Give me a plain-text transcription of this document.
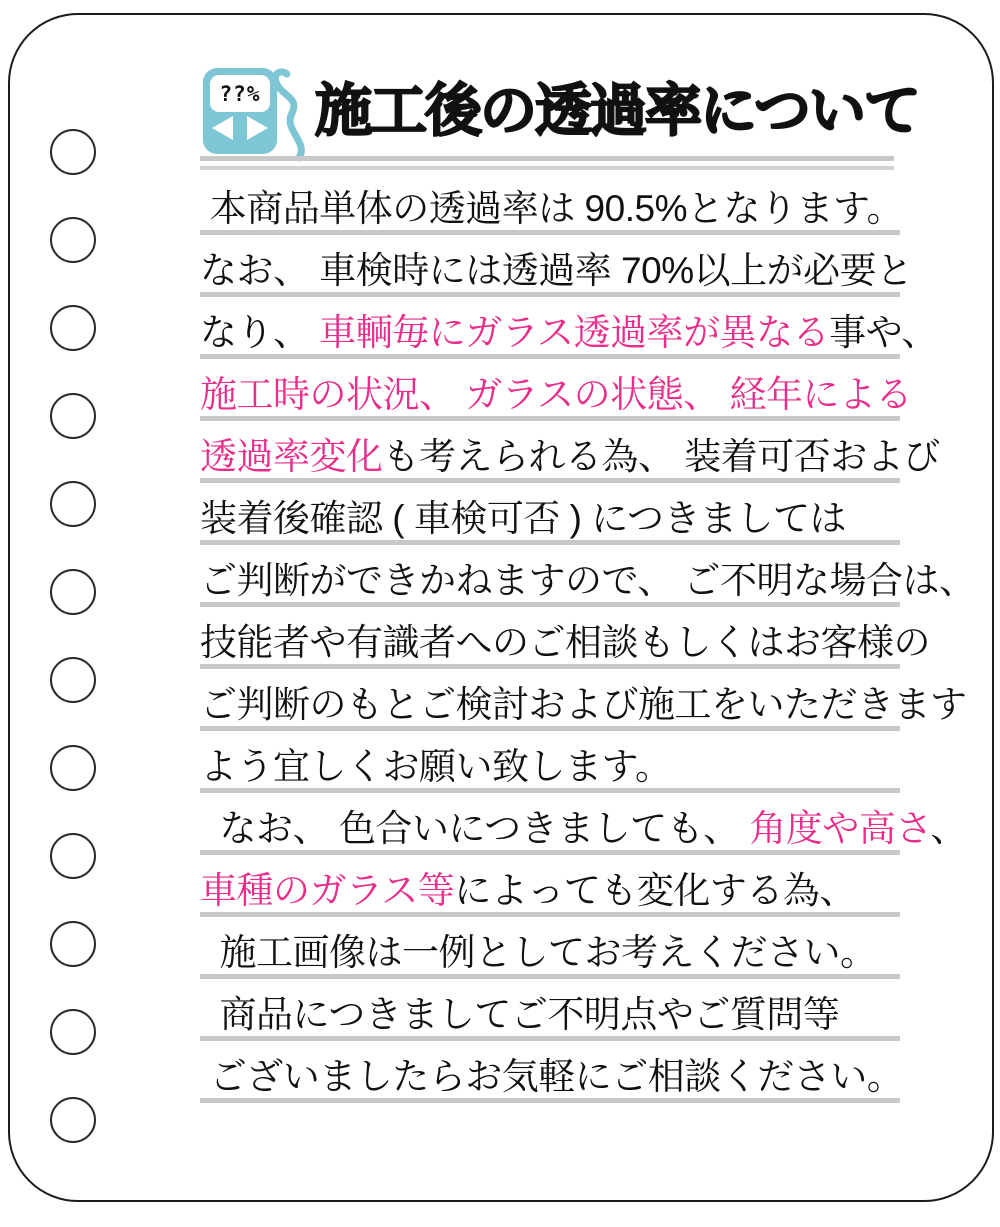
??% 施工後の透過率について
本商品単体の透過率は 90.5%となります。
なお、 車検時には透過率 70%以上が必要と
なり、 車輌毎にガラス透過率が異なる事や、
施工時の状況、 ガラスの状態、 経年による
透過率変化も考えられる為、 装着可否および
装着後確認 ( 車検可否 ) につきましては
ご判断ができかねますので、 ご不明な場合は、
技能者や有識者へのご相談もしくはお客様の
ご判断のもとご検討および施工をいただきます
よう宜しくお願い致します。
なお、 色合いにつきましても、 角度や高さ、
車種のガラス等によっても変化する為、
施工画像は一例としてお考えください。
商品につきましてご不明点やご質問等
ございましたらお気軽にご相談ください。
